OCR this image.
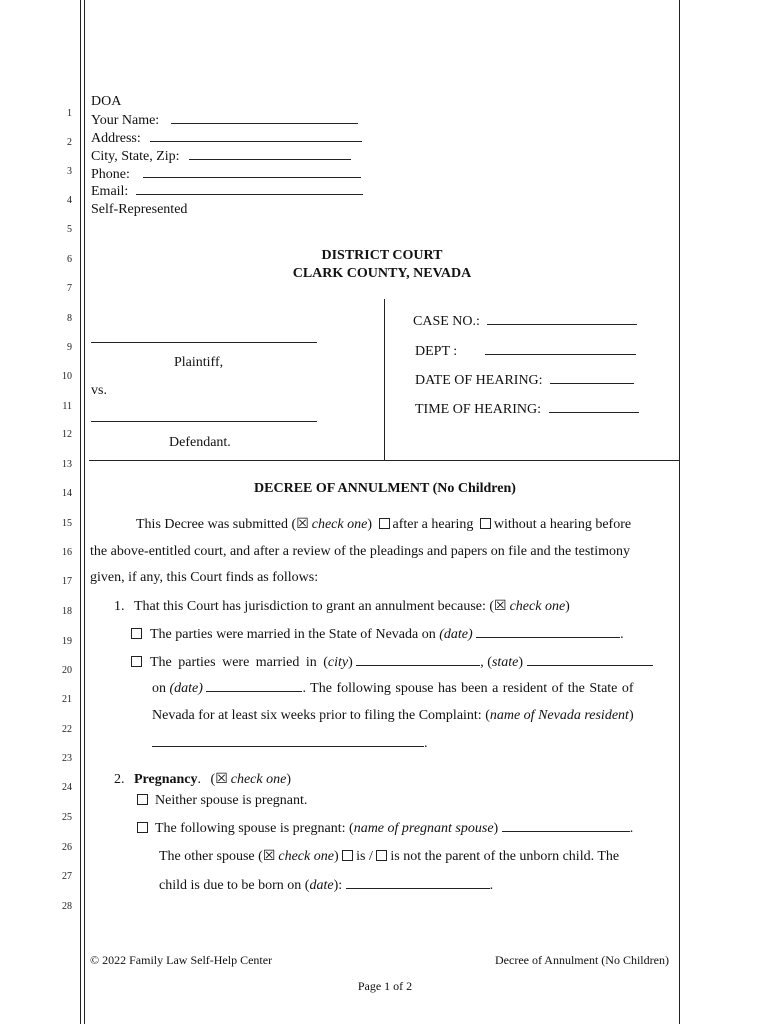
1
2
3
4
5
6
7
8
9
10
11
12
13
14
15
16
17
18
19
20
21
22
23
24
25
26
27
28
DOA
Your Name:
Address:
City, State, Zip:
Phone:
Email:
Self-Represented
DISTRICT COURT
CLARK COUNTY, NEVADA
Plaintiff,
vs.
Defendant.
CASE NO.:
DEPT :
DATE OF HEARING:
TIME OF HEARING:
DECREE OF ANNULMENT (No Children)
This Decree was submitted (☒ check one) after a hearing without a hearing before
the above-entitled court, and after a review of the pleadings and papers on file and the testimony
given, if any, this Court finds as follows:
1. That this Court has jurisdiction to grant an annulment because: (☒ check one)
The parties were married in the State of Nevada on (date)	.
The parties were married in (city)	, (state)
on (date)	. The following spouse has been a resident of the State of
Nevada for at least six weeks prior to filing the Complaint: (name of Nevada resident)
.
2. Pregnancy. (☒ check one)
Neither spouse is pregnant.
The following spouse is pregnant: (name of pregnant spouse)	.
The other spouse (☒ check one) is / is not the parent of the unborn child. The
child is due to be born on (date):	.
© 2022 Family Law Self-Help Center	Decree of Annulment (No Children)
Page 1 of 2
